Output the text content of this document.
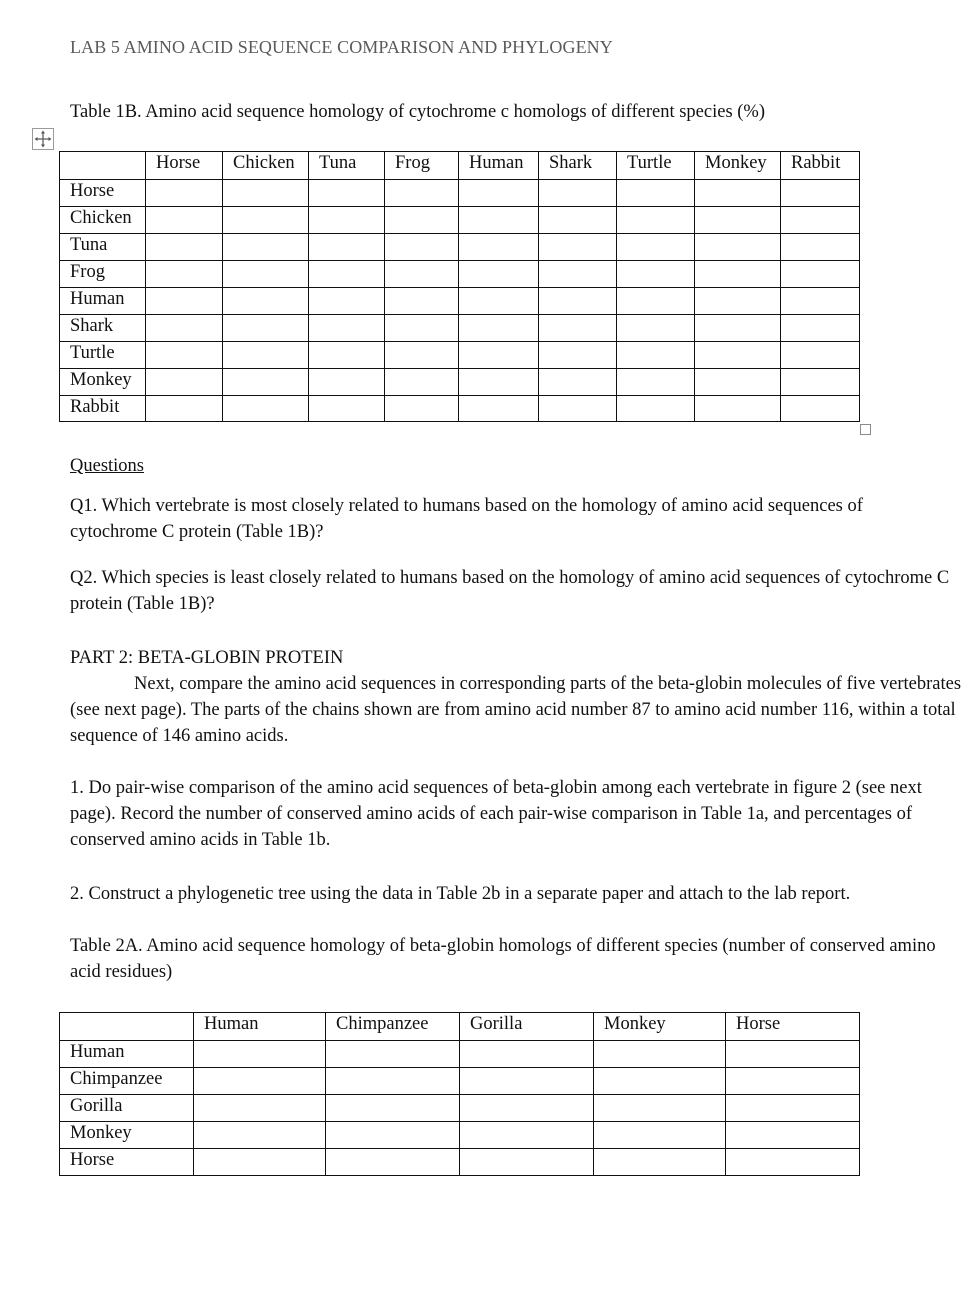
LAB 5 AMINO ACID SEQUENCE COMPARISON AND PHYLOGENY
Table 1B. Amino acid sequence homology of cytochrome c homologs of different species (%)
	Horse	Chicken	Tuna	Frog	Human	Shark	Turtle	Monkey	Rabbit
Horse									
Chicken									
Tuna									
Frog									
Human									
Shark									
Turtle									
Monkey									
Rabbit									
Questions
Q1. Which vertebrate is most closely related to humans based on the homology of amino acid sequences of cytochrome C protein (Table 1B)?
Q2. Which species is least closely related to humans based on the homology of amino acid sequences of cytochrome C protein (Table 1B)?
PART 2: BETA-GLOBIN PROTEIN
Next, compare the amino acid sequences in corresponding parts of the beta-globin molecules of five vertebrates (see next page). The parts of the chains shown are from amino acid number 87 to amino acid number 116, within a total sequence of 146 amino acids.
1. Do pair-wise comparison of the amino acid sequences of beta-globin among each vertebrate in figure 2 (see next page). Record the number of conserved amino acids of each pair-wise comparison in Table 1a, and percentages of conserved amino acids in Table 1b.
2. Construct a phylogenetic tree using the data in Table 2b in a separate paper and attach to the lab report.
Table 2A. Amino acid sequence homology of beta-globin homologs of different species (number of conserved amino acid residues)
	Human	Chimpanzee	Gorilla	Monkey	Horse
Human					
Chimpanzee					
Gorilla					
Monkey					
Horse					
